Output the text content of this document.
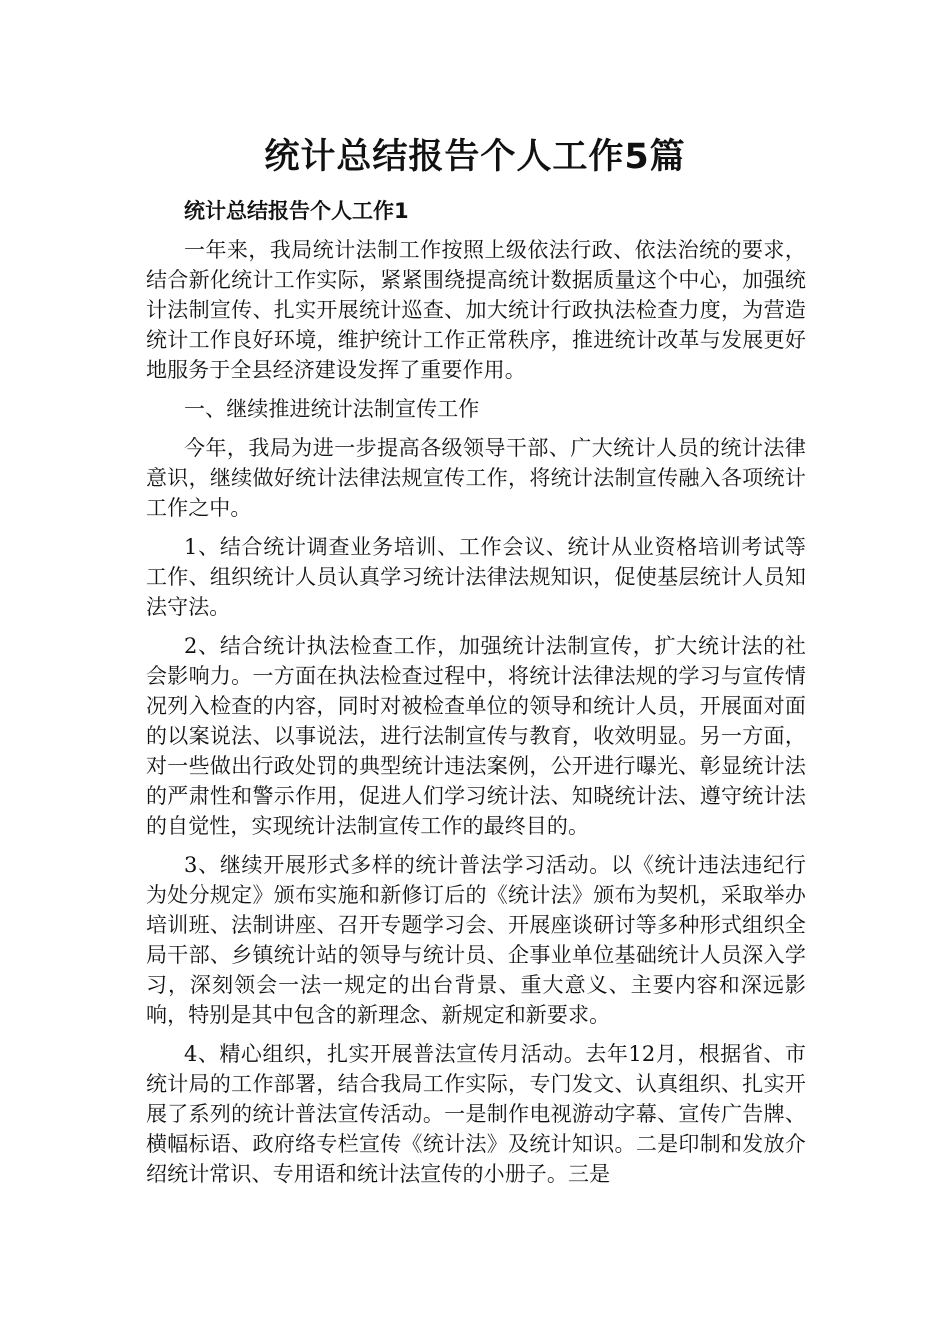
统计总结报告个人工作5篇

统计总结报告个人工作1

一年来，我局统计法制工作按照上级依法行政、依法治统的要求，结合新化统计工作实际，紧紧围绕提高统计数据质量这个中心，加强统计法制宣传、扎实开展统计巡查、加大统计行政执法检查力度，为营造统计工作良好环境，维护统计工作正常秩序，推进统计改革与发展更好地服务于全县经济建设发挥了重要作用。

一、继续推进统计法制宣传工作

今年，我局为进一步提高各级领导干部、广大统计人员的统计法律意识，继续做好统计法律法规宣传工作，将统计法制宣传融入各项统计工作之中。

1、结合统计调查业务培训、工作会议、统计从业资格培训考试等工作、组织统计人员认真学习统计法律法规知识，促使基层统计人员知法守法。

2、结合统计执法检查工作，加强统计法制宣传，扩大统计法的社会影响力。一方面在执法检查过程中，将统计法律法规的学习与宣传情况列入检查的内容，同时对被检查单位的领导和统计人员，开展面对面的以案说法、以事说法，进行法制宣传与教育，收效明显。另一方面，对一些做出行政处罚的典型统计违法案例，公开进行曝光、彰显统计法的严肃性和警示作用，促进人们学习统计法、知晓统计法、遵守统计法的自觉性，实现统计法制宣传工作的最终目的。

3、继续开展形式多样的统计普法学习活动。以《统计违法违纪行为处分规定》颁布实施和新修订后的《统计法》颁布为契机，采取举办培训班、法制讲座、召开专题学习会、开展座谈研讨等多种形式组织全局干部、乡镇统计站的领导与统计员、企事业单位基础统计人员深入学习，深刻领会一法一规定的出台背景、重大意义、主要内容和深远影响，特别是其中包含的新理念、新规定和新要求。

4、精心组织，扎实开展普法宣传月活动。去年12月，根据省、市统计局的工作部署，结合我局工作实际，专门发文、认真组织、扎实开展了系列的统计普法宣传活动。一是制作电视游动字幕、宣传广告牌、横幅标语、政府络专栏宣传《统计法》及统计知识。二是印制和发放介绍统计常识、专用语和统计法宣传的小册子。三是
